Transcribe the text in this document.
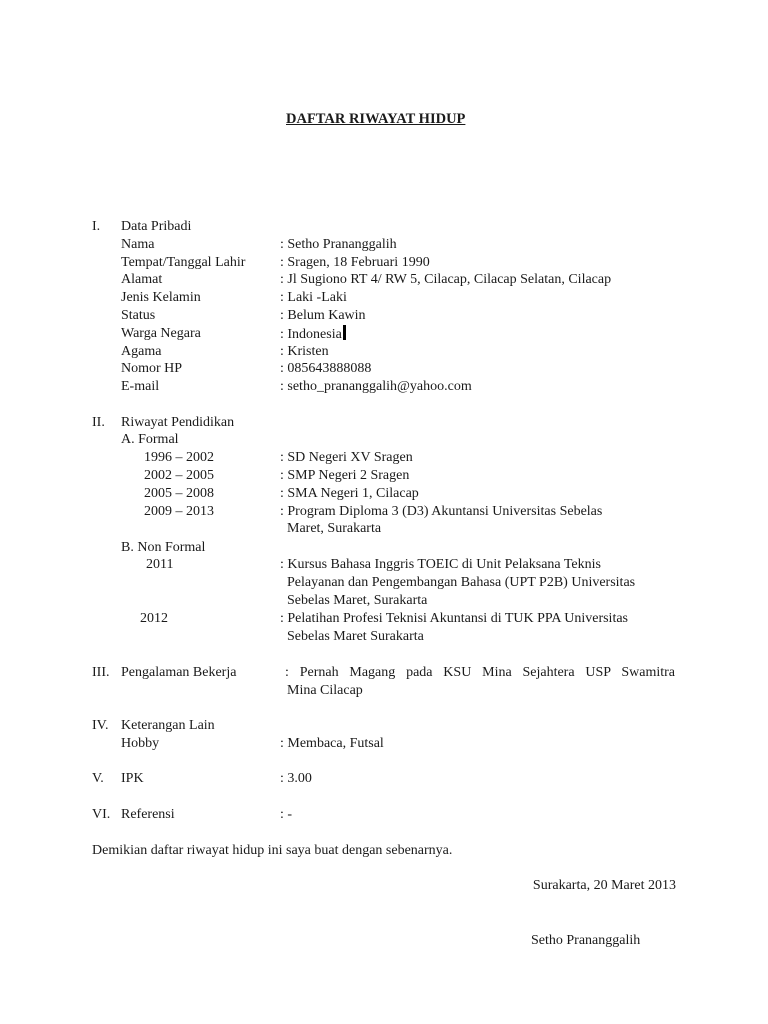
DAFTAR RIWAYAT HIDUP
I. Data Pribadi
Nama	: Setho Prananggalih
Tempat/Tanggal Lahir : Sragen, 18 Februari 1990
Alamat	: Jl Sugiono RT 4/ RW 5, Cilacap, Cilacap Selatan, Cilacap
Jenis Kelamin	: Laki -Laki
Status	: Belum Kawin
Warga Negara	: Indonesia
Agama	: Kristen
Nomor HP	: 085643888088
E-mail	: setho_prananggalih@yahoo.com
II. Riwayat Pendidikan
A. Formal
1996 – 2002	: SD Negeri XV Sragen
2002 – 2005	: SMP Negeri 2 Sragen
2005 – 2008	: SMA Negeri 1, Cilacap
2009 – 2013	: Program Diploma 3 (D3) Akuntansi Universitas Sebelas
Maret, Surakarta
B. Non Formal
2011	: Kursus Bahasa Inggris TOEIC di Unit Pelaksana Teknis
Pelayanan dan Pengembangan Bahasa (UPT P2B) Universitas
Sebelas Maret, Surakarta
2012	: Pelatihan Profesi Teknisi Akuntansi di TUK PPA Universitas
Sebelas Maret Surakarta
III. Pengalaman Bekerja	: Pernah Magang pada KSU Mina Sejahtera USP Swamitra
Mina Cilacap
IV. Keterangan Lain
Hobby	: Membaca, Futsal
V. IPK	: 3.00
VI. Referensi	: -
Demikian daftar riwayat hidup ini saya buat dengan sebenarnya.
Surakarta, 20 Maret 2013
Setho Prananggalih
